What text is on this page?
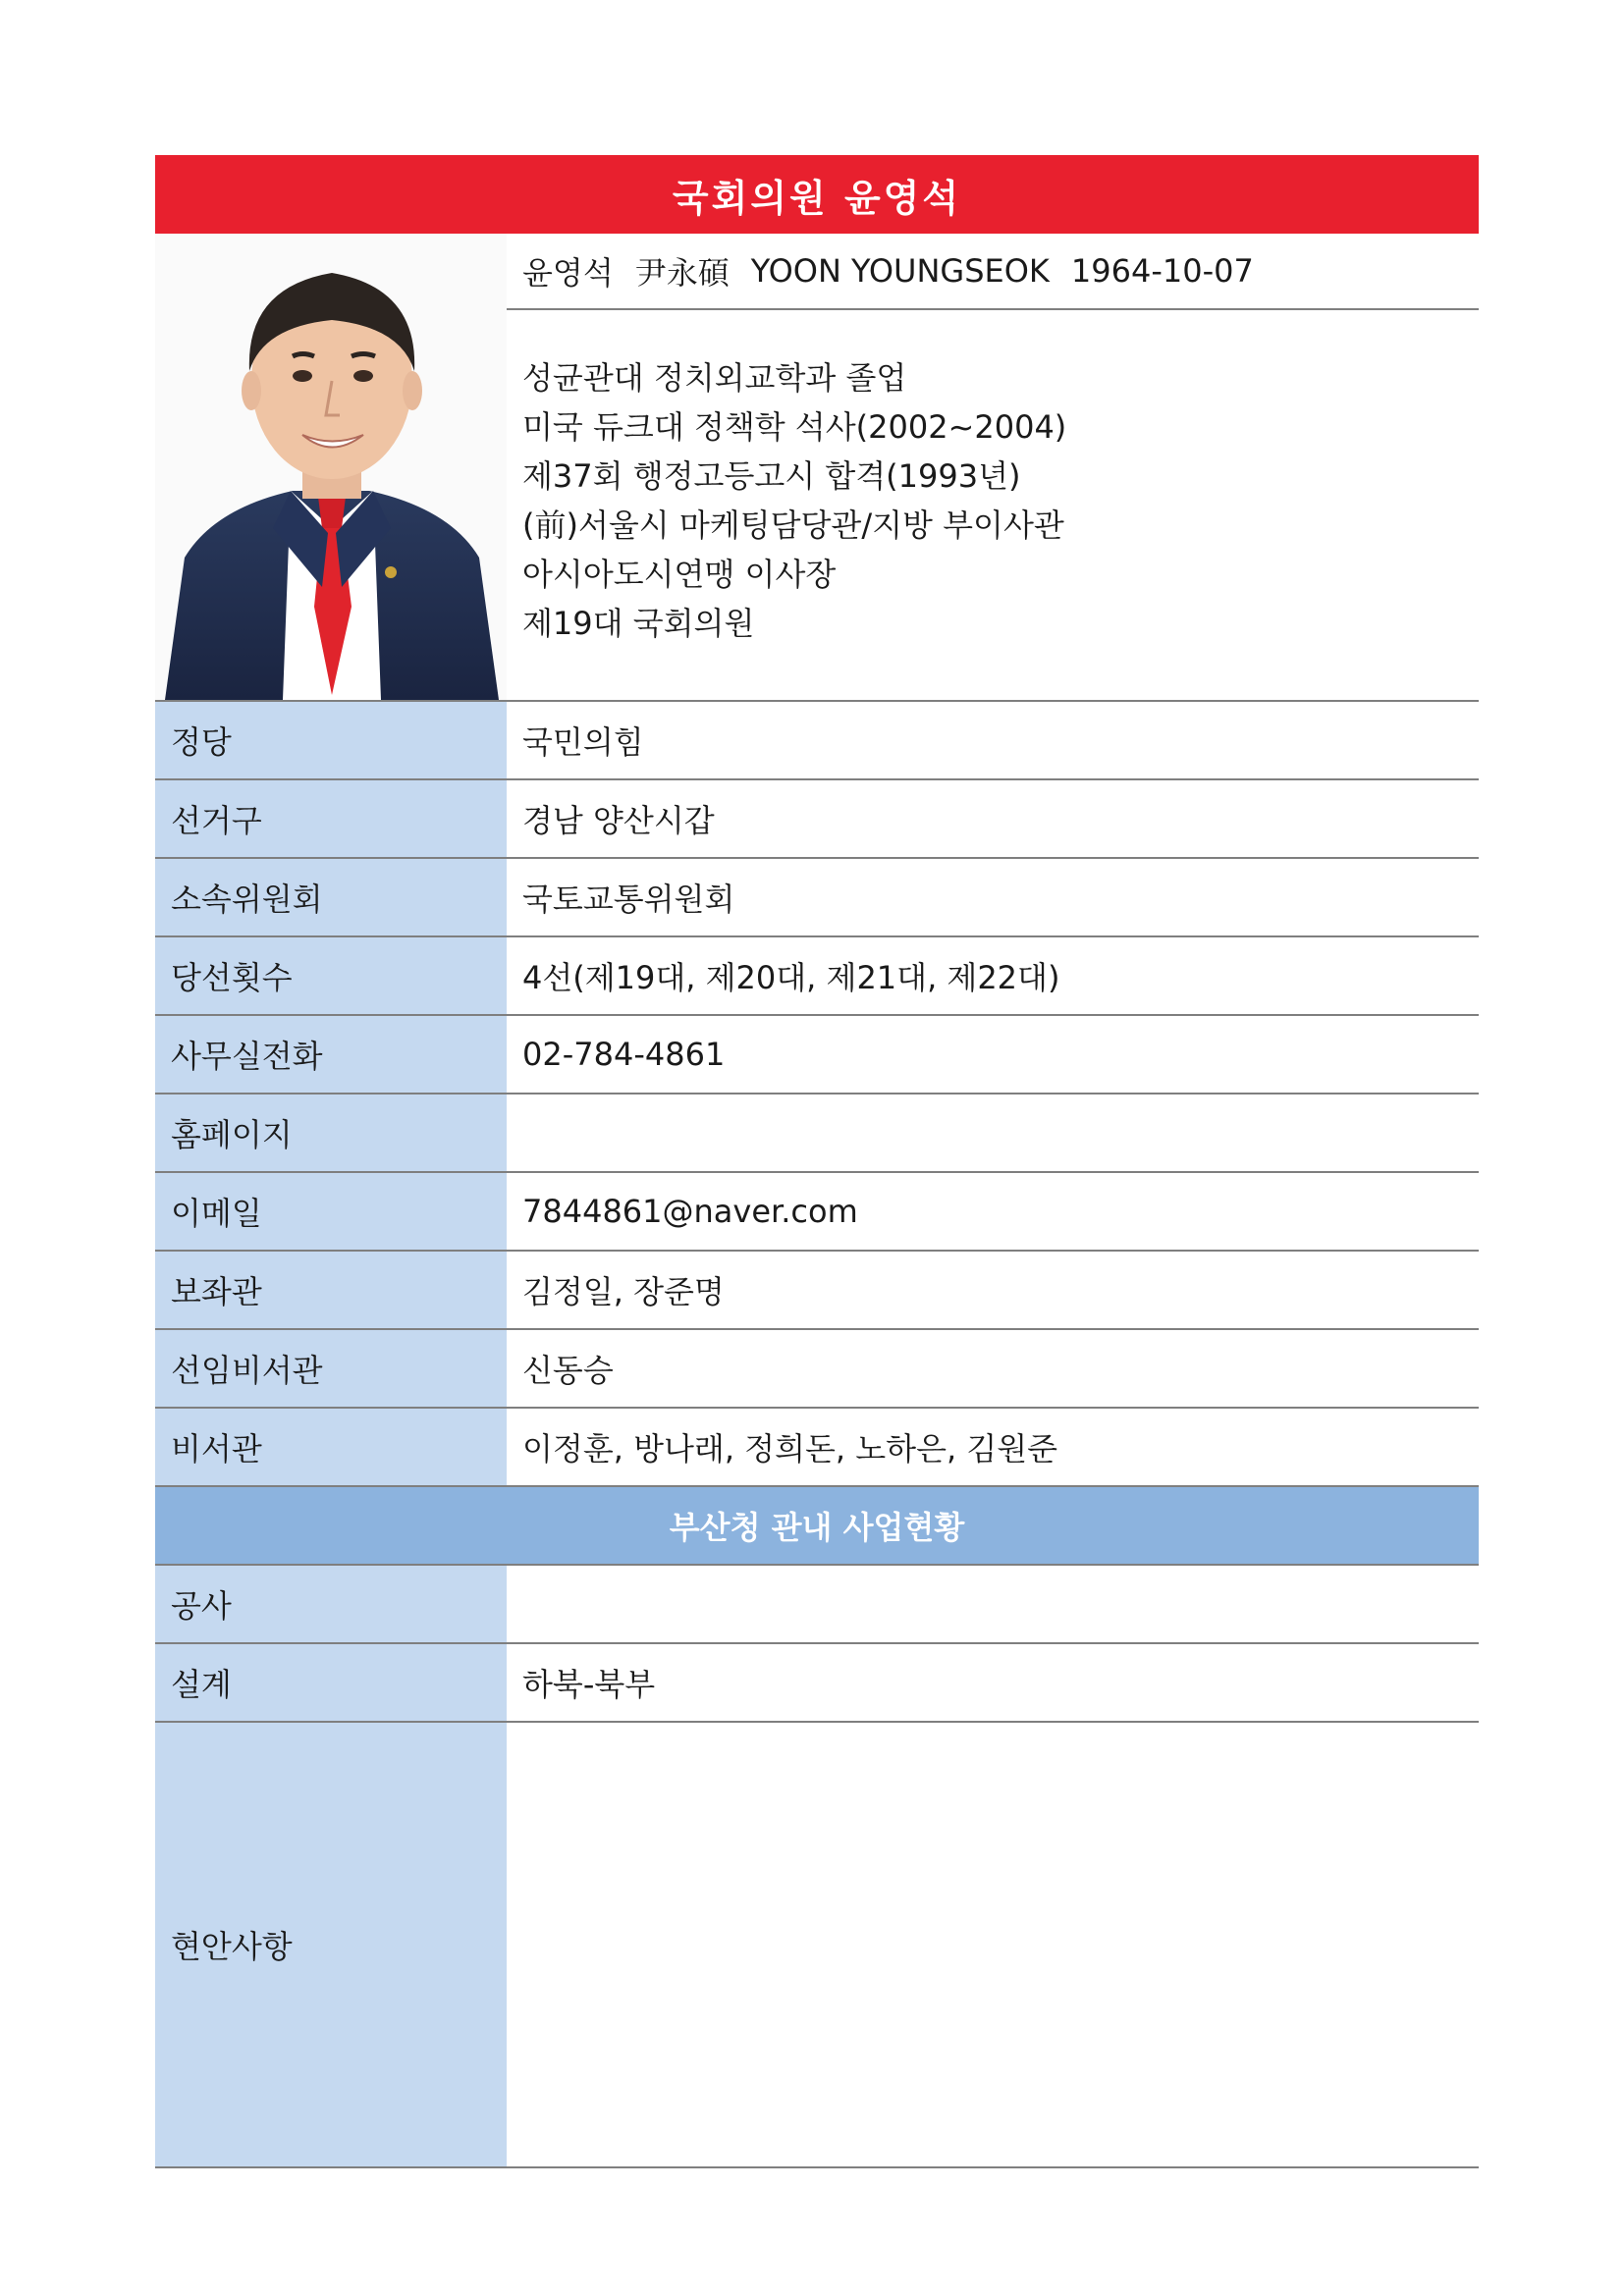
국회의원 윤영석
윤영석 尹永碩 YOON YOUNGSEOK 1964-10-07
성균관대 정치외교학과 졸업
미국 듀크대 정책학 석사(2002~2004)
제37회 행정고등고시 합격(1993년)
(前)서울시 마케팅담당관/지방 부이사관
아시아도시연맹 이사장
제19대 국회의원
정당	국민의힘
선거구	경남 양산시갑
소속위원회	국토교통위원회
당선횟수	4선(제19대, 제20대, 제21대, 제22대)
사무실전화	02-784-4861
홈페이지
이메일	7844861@naver.com
보좌관	김정일, 장준명
선임비서관	신동승
비서관	이정훈, 방나래, 정희돈, 노하은, 김원준
부산청 관내 사업현황
공사
설계	하북-북부
현안사항
